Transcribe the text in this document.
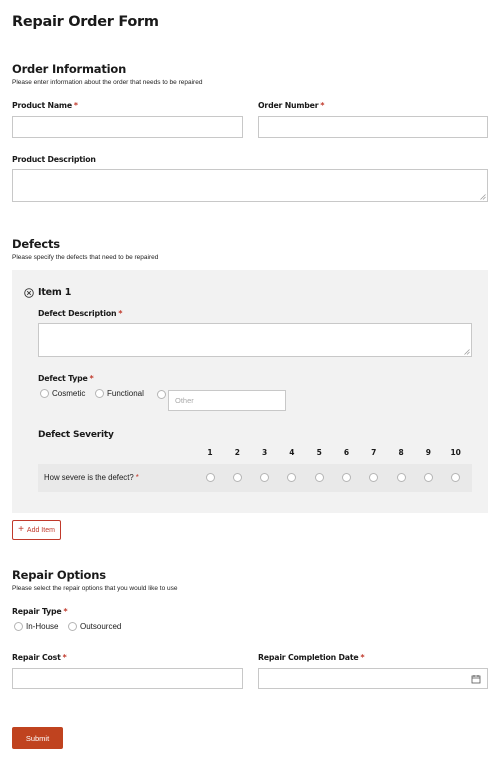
Repair Order Form
Order Information
Please enter information about the order that needs to be repaired
Product Name *	Order Number *
Product Description
Defects
Please specify the defects that need to be repaired
Item 1
Defect Description *
Defect Type *
Cosmetic	Functional
Other
Defect Severity
1	2	3	4	5	6	7	8	9	10
How severe is the defect? *
+ Add Item
Repair Options
Please select the repair options that you would like to use
Repair Type *
In-House	Outsourced
Repair Cost *	Repair Completion Date *
Submit
